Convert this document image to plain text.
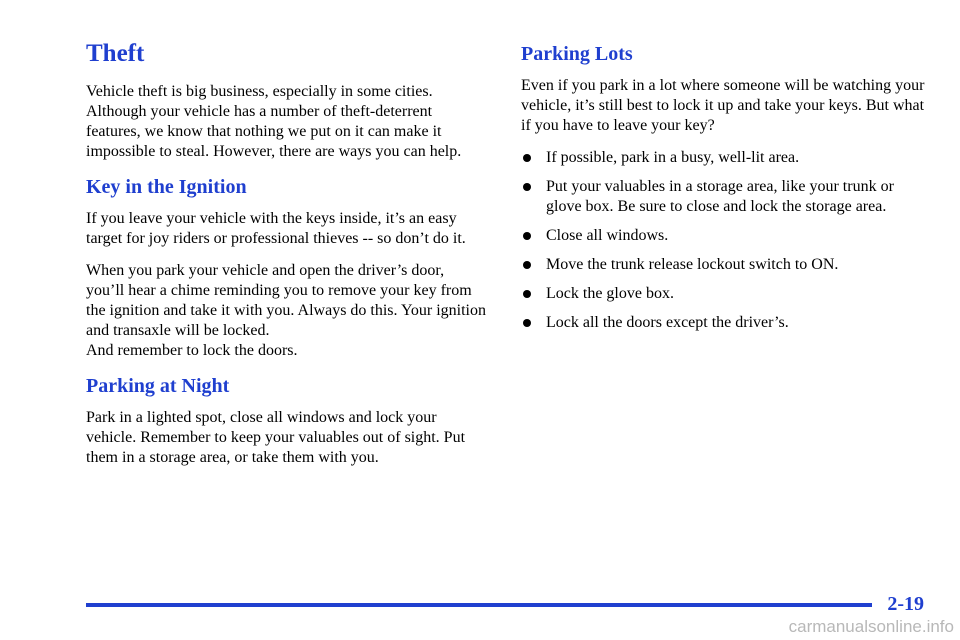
Theft

Vehicle theft is big business, especially in some cities. Although your vehicle has a number of theft-deterrent features, we know that nothing we put on it can make it impossible to steal. However, there are ways you can help.

Key in the Ignition

If you leave your vehicle with the keys inside, it’s an easy target for joy riders or professional thieves -- so don’t do it.

When you park your vehicle and open the driver’s door, you’ll hear a chime reminding you to remove your key from the ignition and take it with you. Always do this. Your ignition and transaxle will be locked.

And remember to lock the doors.

Parking at Night

Park in a lighted spot, close all windows and lock your vehicle. Remember to keep your valuables out of sight. Put them in a storage area, or take them with you.

Parking Lots

Even if you park in a lot where someone will be watching your vehicle, it’s still best to lock it up and take your keys. But what if you have to leave your key?

If possible, park in a busy, well-lit area.
Put your valuables in a storage area, like your trunk or glove box. Be sure to close and lock the storage area.
Close all windows.
Move the trunk release lockout switch to ON.
Lock the glove box.
Lock all the doors except the driver’s.
2-19
carmanualsonline.info
